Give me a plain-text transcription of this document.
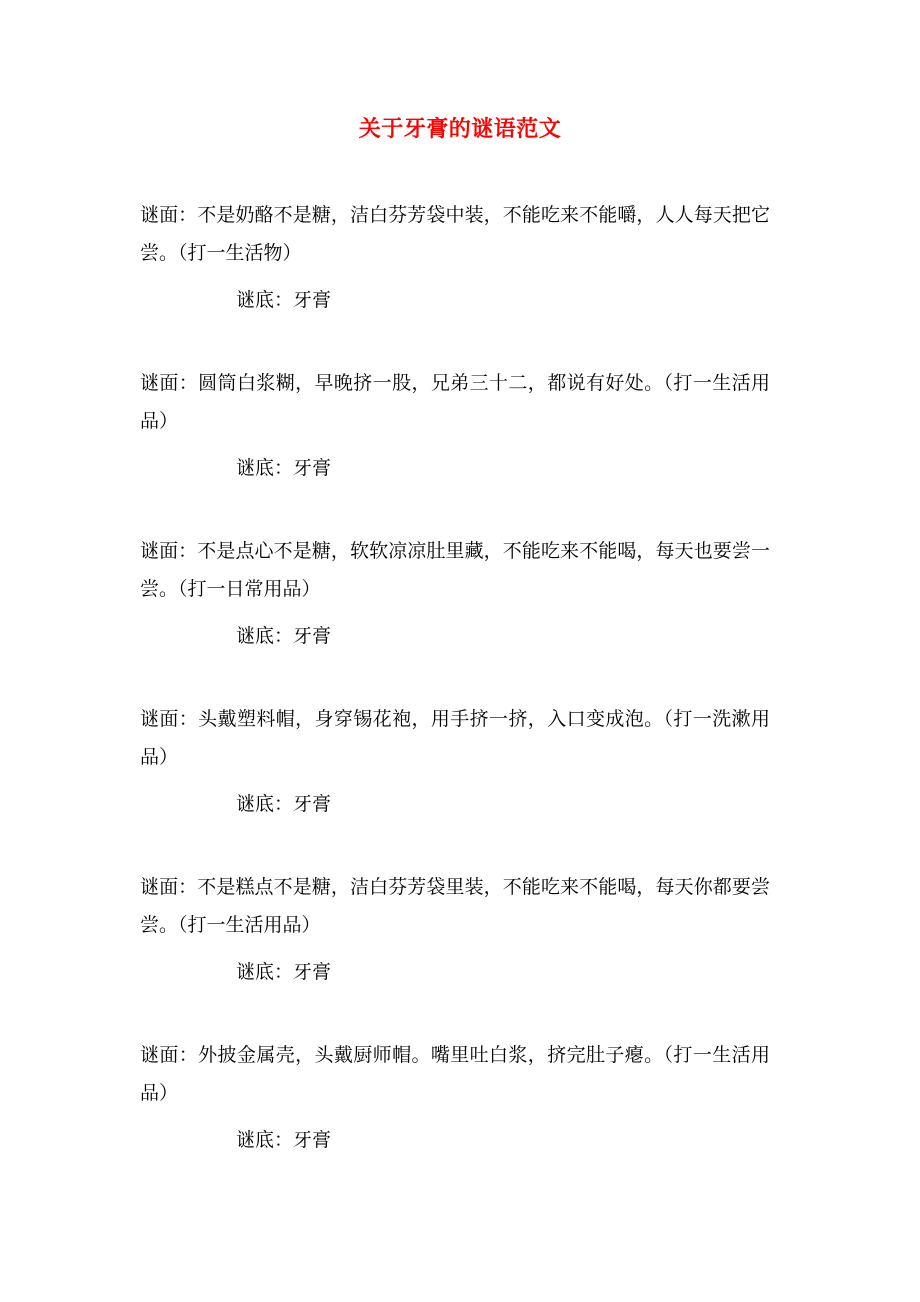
关于牙膏的谜语范文

谜面：不是奶酪不是糖，洁白芬芳袋中装，不能吃来不能嚼，人人每天把它尝。（打一生活物）

谜底：牙膏

谜面：圆筒白浆糊，早晚挤一股，兄弟三十二，都说有好处。（打一生活用品）

谜底：牙膏

谜面：不是点心不是糖，软软凉凉肚里藏，不能吃来不能喝，每天也要尝一尝。（打一日常用品）

谜底：牙膏

谜面：头戴塑料帽，身穿锡花袍，用手挤一挤，入口变成泡。（打一洗漱用品）

谜底：牙膏

谜面：不是糕点不是糖，洁白芬芳袋里装，不能吃来不能喝，每天你都要尝尝。（打一生活用品）

谜底：牙膏

谜面：外披金属壳，头戴厨师帽。嘴里吐白浆，挤完肚子瘪。（打一生活用品）

谜底：牙膏
